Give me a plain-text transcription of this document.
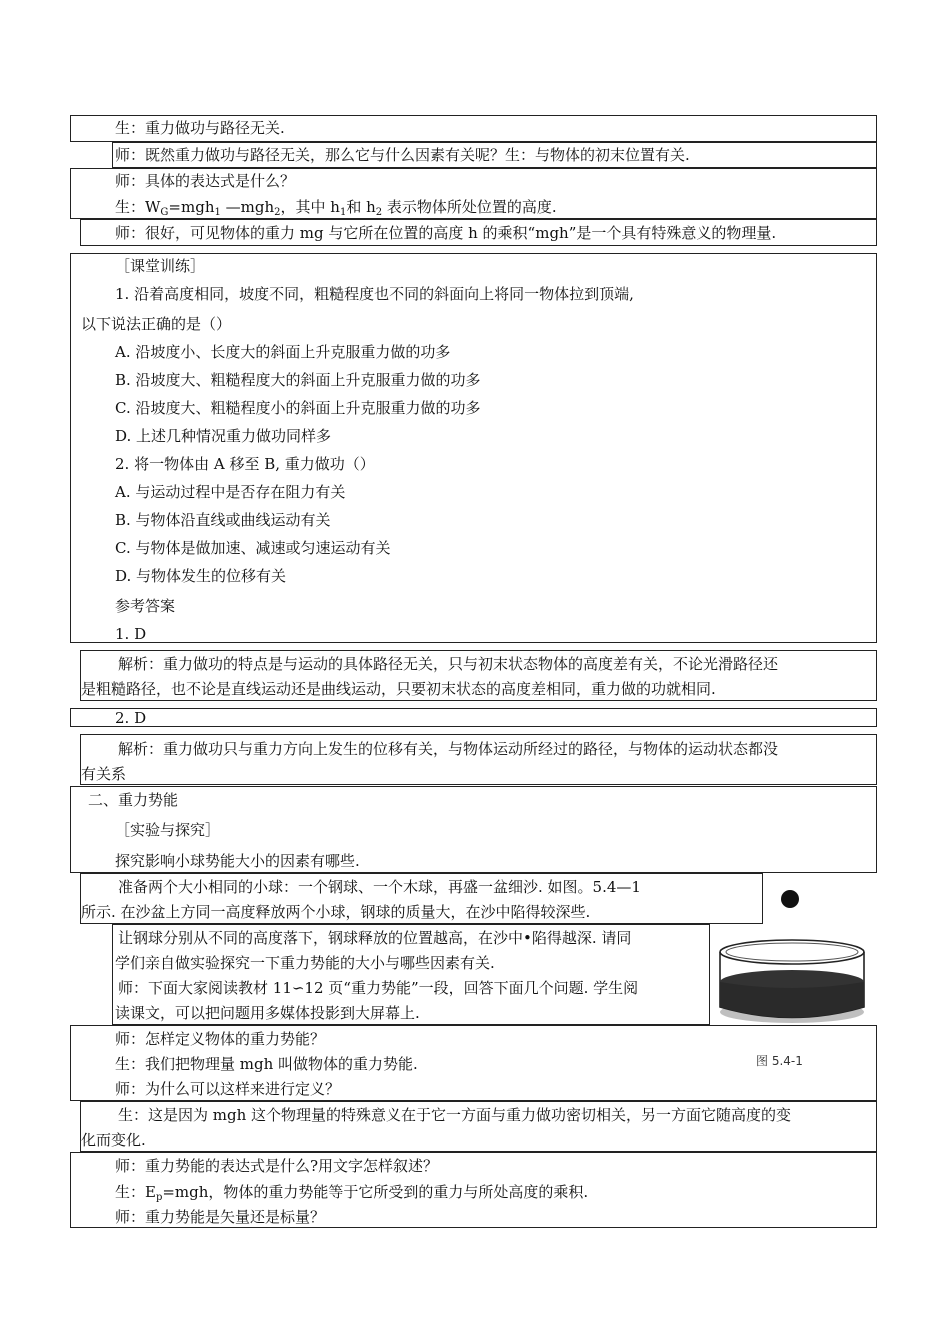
生：重力做功与路径无关.
师：既然重力做功与路径无关，那么它与什么因素有关呢？生：与物体的初末位置有关.
师：具体的表达式是什么？
生：$W_G=mgh_1$ —mgh$_2$，其中 $h_1$和 $h_2$ 表示物体所处位置的高度.
师：很好，可见物体的重力 mg 与它所在位置的高度 h 的乘积“mgh”是一个具有特殊意义的物理量.
［课堂训练］
1. 沿着高度相同，坡度不同，粗糙程度也不同的斜面向上将同一物体拉到顶端,
以下说法正确的是（）
A. 沿坡度小、长度大的斜面上升克服重力做的功多
B. 沿坡度大、粗糙程度大的斜面上升克服重力做的功多
C. 沿坡度大、粗糙程度小的斜面上升克服重力做的功多
D. 上述几种情况重力做功同样多
2. 将一物体由 A 移至 B, 重力做功（）
A. 与运动过程中是否存在阻力有关
B. 与物体沿直线或曲线运动有关
C. 与物体是做加速、减速或匀速运动有关
D. 与物体发生的位移有关
参考答案
1. D
解析：重力做功的特点是与运动的具体路径无关，只与初末状态物体的高度差有关，不论光滑路径还
是粗糙路径，也不论是直线运动还是曲线运动，只要初末状态的高度差相同，重力做的功就相同.
2. D
解析：重力做功只与重力方向上发生的位移有关，与物体运动所经过的路径，与物体的运动状态都没
有关系
二、重力势能
［实验与探究］
探究影响小球势能大小的因素有哪些.
准备两个大小相同的小球：一个钢球、一个木球，再盛一盆细沙. 如图。5.4—1
所示. 在沙盆上方同一高度释放两个小球，钢球的质量大，在沙中陷得较深些.
让钢球分别从不同的高度落下，钢球释放的位置越高，在沙中•陷得越深. 请同
学们亲自做实验探究一下重力势能的大小与哪些因素有关.
师：下面大家阅读教材 11∽12 页“重力势能”一段，回答下面几个问题. 学生阅
读课文，可以把问题用多媒体投影到大屏幕上.
师：怎样定义物体的重力势能？
生：我们把物理量 mgh 叫做物体的重力势能.
师：为什么可以这样来进行定义？
生：这是因为 mgh 这个物理量的特殊意义在于它一方面与重力做功密切相关，另一方面它随高度的变
化而变化.
师：重力势能的表达式是什么?用文字怎样叙述？
生：$E_p=mgh$，物体的重力势能等于它所受到的重力与所处高度的乘积.
师：重力势能是矢量还是标量？
图 5.4-1
